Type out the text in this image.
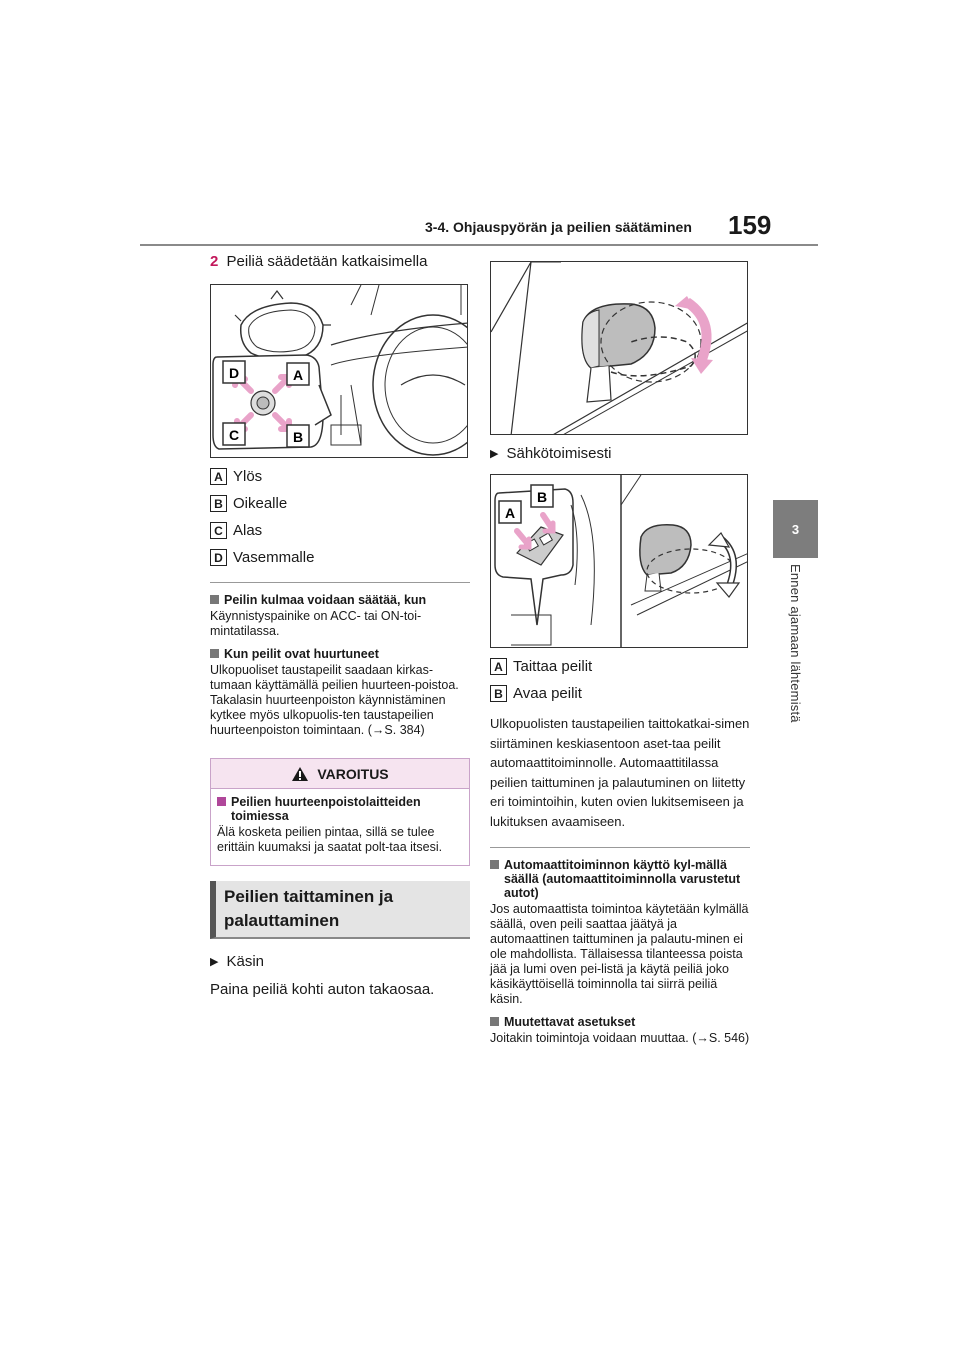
3-4. Ohjauspyörän ja peilien säätäminen 159
3
Ennen ajamaan lähtemistä
2 Peiliä säädetään katkaisimella
D	A
C	B
A Ylös
B Oikealle
C Alas
D Vasemmalle
Peilin kulmaa voidaan säätää, kun
Käynnistyspainike on ACC- tai ON-toi-mintatilassa.
Kun peilit ovat huurtuneet
Ulkopuoliset taustapeilit saadaan kirkas-tumaan käyttämällä peilien huurteen-poistoa. Takalasin huurteenpoiston käynnistäminen kytkee myös ulkopuolis-ten taustapeilien huurteenpoiston toimintaan. (→S. 384)
VAROITUS
Peilien huurteenpoistolaitteiden toimiessa
Älä kosketa peilien pintaa, sillä se tulee erittäin kuumaksi ja saatat polt-taa itsesi.
Peilien taittaminen ja palauttaminen
▶ Käsin
Paina peiliä kohti auton takaosaa.
▶ Sähkötoimisesti
A
B
A Taittaa peilit
B Avaa peilit
Ulkopuolisten taustapeilien taittokatkai-simen siirtäminen keskiasentoon aset-taa peilit automaattitoiminnolle. Automaattitilassa peilien taittuminen ja palautuminen on liitetty eri toimintoihin, kuten ovien lukitsemiseen ja lukituksen avaamiseen.
Automaattitoiminnon käyttö kyl-mällä säällä (automaattitoiminnolla varustetut autot)
Jos automaattista toimintoa käytetään kylmällä säällä, oven peili saattaa jäätyä ja automaattinen taittuminen ja palautu-minen ei ole mahdollista. Tällaisessa tilanteessa poista jää ja lumi oven pei-listä ja käytä peiliä joko käsikäyttöisellä toiminnolla tai siirrä peiliä käsin.
Muutettavat asetukset
Joitakin toimintoja voidaan muuttaa. (→S. 546)
